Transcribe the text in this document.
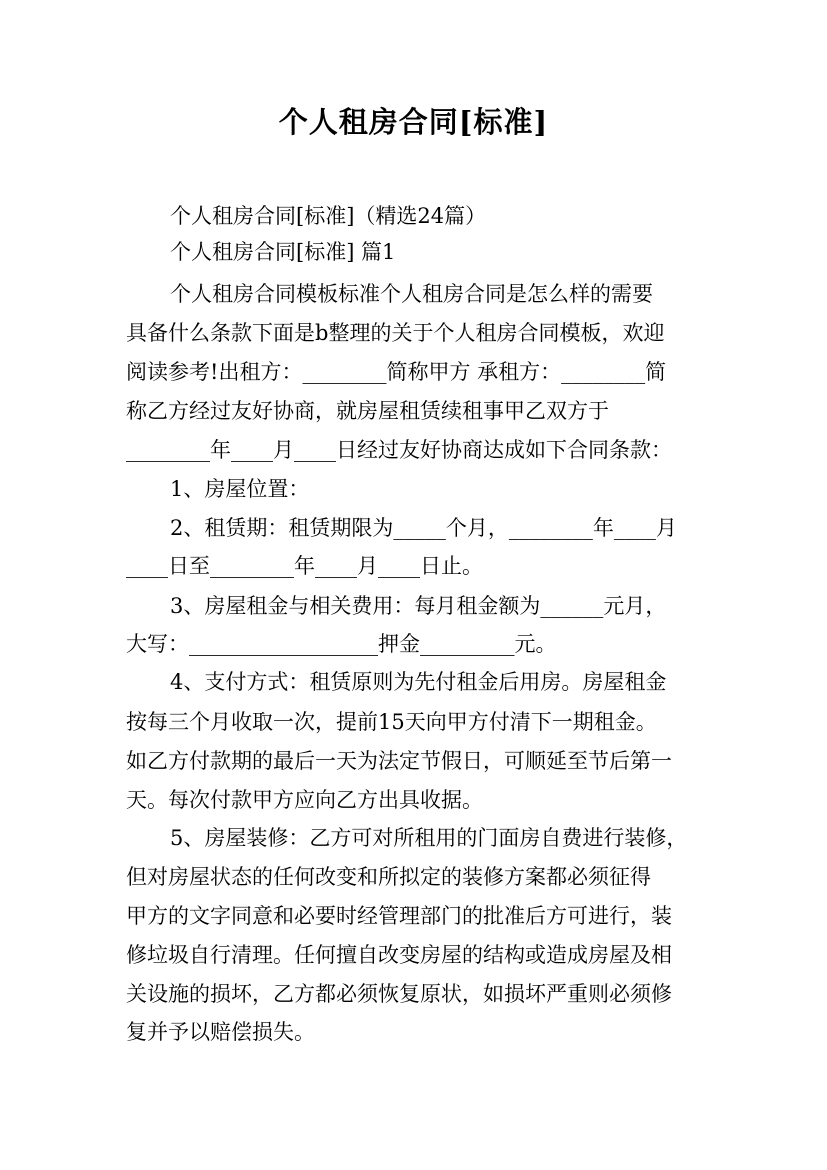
个人租房合同[标准]
个人租房合同[标准]（精选24篇）
个人租房合同[标准] 篇1
个人租房合同模板标准个人租房合同是怎么样的需要
具备什么条款下面是b整理的关于个人租房合同模板，欢迎
阅读参考!出租方：________简称甲方 承租方：________简
称乙方经过友好协商，就房屋租赁续租事甲乙双方于
________年____月____日经过友好协商达成如下合同条款：
1、房屋位置：
2、租赁期：租赁期限为_____个月，________年____月
____日至________年____月____日止。
3、房屋租金与相关费用：每月租金额为______元月，
大写：__________________押金_________元。
4、支付方式：租赁原则为先付租金后用房。房屋租金
按每三个月收取一次，提前15天向甲方付清下一期租金。
如乙方付款期的最后一天为法定节假日，可顺延至节后第一
天。每次付款甲方应向乙方出具收据。
5、房屋装修：乙方可对所租用的门面房自费进行装修，
但对房屋状态的任何改变和所拟定的装修方案都必须征得
甲方的文字同意和必要时经管理部门的批准后方可进行，装
修垃圾自行清理。任何擅自改变房屋的结构或造成房屋及相
关设施的损坏，乙方都必须恢复原状，如损坏严重则必须修
复并予以赔偿损失。
